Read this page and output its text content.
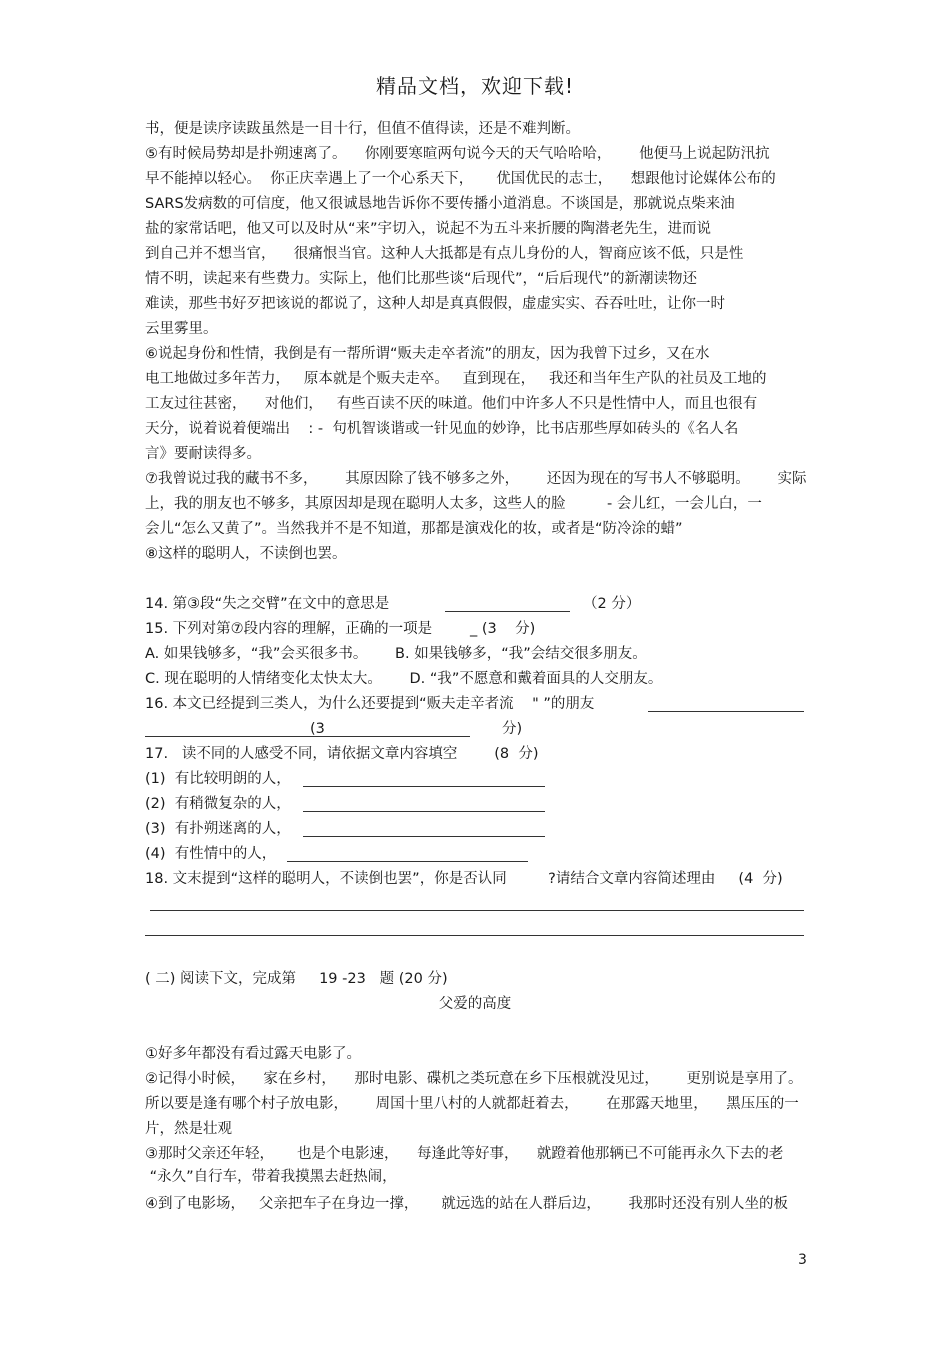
精品文档，欢迎下载!
书，便是读序读跋虽然是一目十行，但值不值得读，还是不难判断。
⑤有时候局势却是扑朔速离了。    你刚要寒暄两句说今天的天气哈哈哈，      他便马上说起防汛抗
早不能掉以轻心。  你正庆幸遇上了一个心系天下，     优国优民的志士，    想跟他讨论媒体公布的
SARS发病数的可信度，他又很诚恳地告诉你不要传播小道消息。不谈国是，那就说点柴来油
盐的家常话吧，他又可以及时从“来”宇切入，说起不为五斗来折腰的陶潜老先生，进而说
到自己并不想当官，    很痛恨当官。这种人大抵都是有点儿身份的人，智商应该不低，只是性
情不明，读起来有些费力。实际上，他们比那些谈“后现代”，“后后现代”的新潮读物还
难读，那些书好歹把该说的都说了，这种人却是真真假假，虚虚实实、吞吞吐吐，让你一时
云里雾里。
⑥说起身份和性情，我倒是有一帮所谓“贩夫走卒者流”的朋友，因为我曾下过乡，又在水
电工地做过多年苦力，   原本就是个贩夫走卒。   直到现在，   我还和当年生产队的社员及工地的
工友过往甚密，    对他们，   有些百读不厌的味道。他们中许多人不只是性情中人，而且也很有
天分，说着说着便端出    : -  句机智谈谐或一针见血的妙诤，比书店那些厚如砖头的《名人名
言》要耐读得多。
⑦我曾说过我的藏书不多，      其原因除了钱不够多之外，      还因为现在的写书人不够聪明。      实际
上，我的朋友也不够多，其原因却是现在聪明人太多，这些人的脸         - 会儿红，一会儿白，一
会儿“怎么又黄了”。当然我并不是不知道，那都是演戏化的妆，或者是“防冷涂的蜡”
⑧这样的聪明人，不读倒也罢。
14. 第③段“失之交臂”在文中的意思是	（2 分）
15. 下列对第⑦段内容的理解，正确的一项是	_ (3    分)
A. 如果钱够多，“我”会买很多书。      B. 如果钱够多，“我”会结交很多朋友。
C. 现在聪明的人情绪变化太快太大。      D. “我”不愿意和戴着面具的人交朋友。
16. 本文已经提到三类人，为什么还要提到“贩夫走辛者流    " ”的朋友
(3	分)
17.   读不同的人感受不同，请依据文章内容填空        (8  分)
(1)  有比较明朗的人，
(2)  有稍微复杂的人，
(3)  有扑朔迷离的人，
(4)  有性情中的人，
18. 文末提到“这样的聪明人，不读倒也罢”，你是否认同         ?请结合文章内容简述理由     (4  分)
( 二) 阅读下文，完成第     19 -23   题 (20 分)
父爱的高度
①好多年都没有看过露天电影了。
②记得小时候，    家在乡村，    那时电影、碟机之类玩意在乡下压根就没见过，      更别说是享用了。
所以要是逢有哪个村子放电影，      周国十里八村的人就都赶着去，      在那露天地里，    黑压压的一
片，然是壮观
③那时父亲还年轻，     也是个电影速，    每逢此等好事，    就蹬着他那辆已不可能再永久下去的老
“永久”自行车，带着我摸黑去赶热闹，
④到了电影场，   父亲把车子在身边一撑，     就远选的站在人群后边，      我那时还没有别人坐的板
3
